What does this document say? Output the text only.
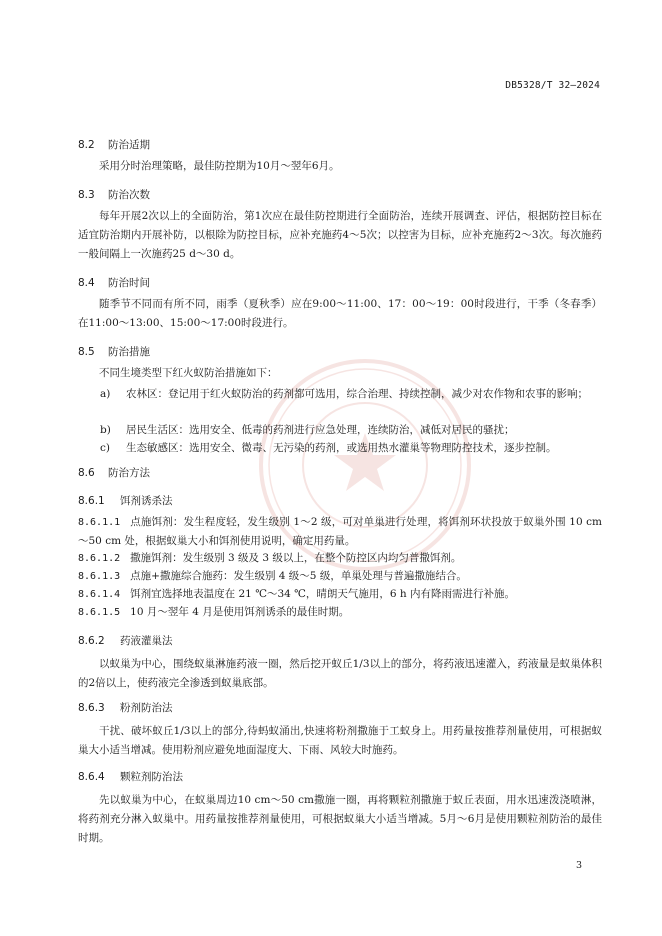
DB5328/T 32—2024
8.2 防治适期
采用分时治理策略，最佳防控期为10月～翌年6月。
8.3 防治次数
每年开展2次以上的全面防治，第1次应在最佳防控期进行全面防治，连续开展调查、评估，根据防控目标在适宜防治期内开展补防，以根除为防控目标，应补充施药4～5次；以控害为目标，应补充施药2～3次。每次施药一般间隔上一次施药25 d～30 d。
8.4 防治时间
随季节不同而有所不同，雨季（夏秋季）应在9:00～11:00、17：00～19：00时段进行，干季（冬春季）在11:00～13:00、15:00～17:00时段进行。
8.5 防治措施
不同生境类型下红火蚁防治措施如下：
a)	农林区：登记用于红火蚁防治的药剂都可选用，综合治理、持续控制，减少对农作物和农事的影响；
b)	居民生活区：选用安全、低毒的药剂进行应急处理，连续防治，减低对居民的骚扰；
c)	生态敏感区：选用安全、微毒、无污染的药剂，或选用热水灌巢等物理防控技术，逐步控制。
8.6 防治方法
8.6.1 饵剂诱杀法
8.6.1.1 点施饵剂：发生程度轻，发生级别 1～2 级，可对单巢进行处理，将饵剂环状投放于蚁巢外围 10 cm～50 cm 处，根据蚁巢大小和饵剂使用说明，确定用药量。
8.6.1.2 撒施饵剂：发生级别 3 级及 3 级以上，在整个防控区内均匀普撒饵剂。
8.6.1.3 点施+撒施综合施药：发生级别 4 级～5 级，单巢处理与普遍撒施结合。
8.6.1.4 饵剂宜选择地表温度在 21 ℃～34 ℃，晴朗天气施用，6 h 内有降雨需进行补施。
8.6.1.5 10 月～翌年 4 月是使用饵剂诱杀的最佳时期。
8.6.2 药液灌巢法
以蚁巢为中心，围绕蚁巢淋施药液一圈，然后挖开蚁丘1/3以上的部分，将药液迅速灌入，药液量是蚁巢体积的2倍以上，使药液完全渗透到蚁巢底部。
8.6.3 粉剂防治法
干扰、破坏蚁丘1/3以上的部分,待蚂蚁涌出,快速将粉剂撒施于工蚁身上。用药量按推荐剂量使用，可根据蚁巢大小适当增减。使用粉剂应避免地面湿度大、下雨、风较大时施药。
8.6.4 颗粒剂防治法
先以蚁巢为中心，在蚁巢周边10 cm～50 cm撒施一圈，再将颗粒剂撒施于蚁丘表面，用水迅速泼浇喷淋，将药剂充分淋入蚁巢中。用药量按推荐剂量使用，可根据蚁巢大小适当增减。5月～6月是使用颗粒剂防治的最佳时期。
3
